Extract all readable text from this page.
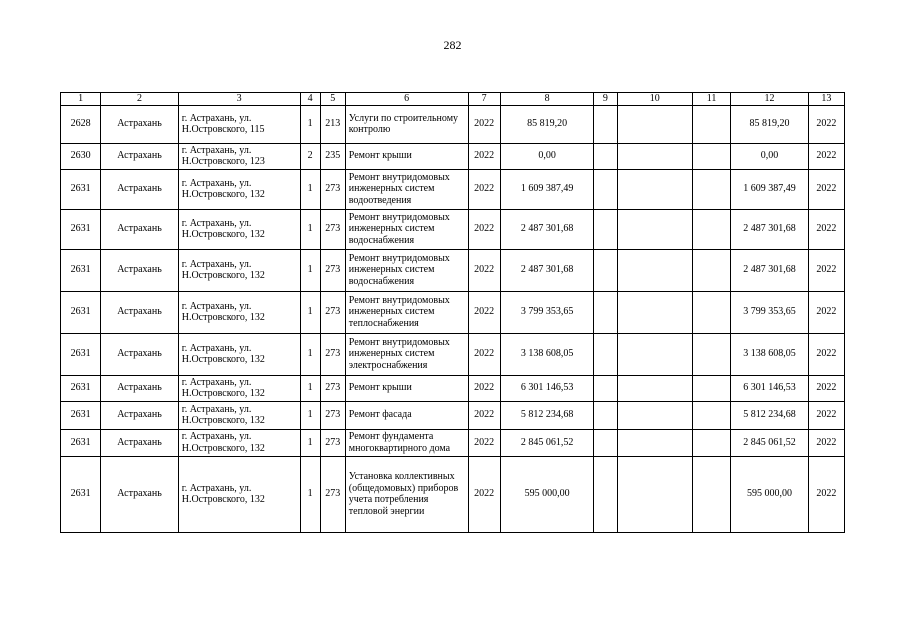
282
1	2	3	4	5	6	7	8	9	10	11	12	13
2628	Астрахань	г. Астрахань, ул. Н.Островского, 115	1	213	Услуги по строительному контролю	2022	85 819,20				85 819,20	2022
2630	Астрахань	г. Астрахань, ул. Н.Островского, 123	2	235	Ремонт крыши	2022	0,00				0,00	2022
2631	Астрахань	г. Астрахань, ул. Н.Островского, 132	1	273	Ремонт внутридомовых инженерных систем водоотведения	2022	1 609 387,49				1 609 387,49	2022
2631	Астрахань	г. Астрахань, ул. Н.Островского, 132	1	273	Ремонт внутридомовых инженерных систем водоснабжения	2022	2 487 301,68				2 487 301,68	2022
2631	Астрахань	г. Астрахань, ул. Н.Островского, 132	1	273	Ремонт внутридомовых инженерных систем водоснабжения	2022	2 487 301,68				2 487 301,68	2022
2631	Астрахань	г. Астрахань, ул. Н.Островского, 132	1	273	Ремонт внутридомовых инженерных систем теплоснабжения	2022	3 799 353,65				3 799 353,65	2022
2631	Астрахань	г. Астрахань, ул. Н.Островского, 132	1	273	Ремонт внутридомовых инженерных систем электроснабжения	2022	3 138 608,05				3 138 608,05	2022
2631	Астрахань	г. Астрахань, ул. Н.Островского, 132	1	273	Ремонт крыши	2022	6 301 146,53				6 301 146,53	2022
2631	Астрахань	г. Астрахань, ул. Н.Островского, 132	1	273	Ремонт фасада	2022	5 812 234,68				5 812 234,68	2022
2631	Астрахань	г. Астрахань, ул. Н.Островского, 132	1	273	Ремонт фундамента многоквартирного дома	2022	2 845 061,52				2 845 061,52	2022
2631	Астрахань	г. Астрахань, ул. Н.Островского, 132	1	273	Установка коллективных (общедомовых) приборов учета потребления тепловой энергии	2022	595 000,00				595 000,00	2022
